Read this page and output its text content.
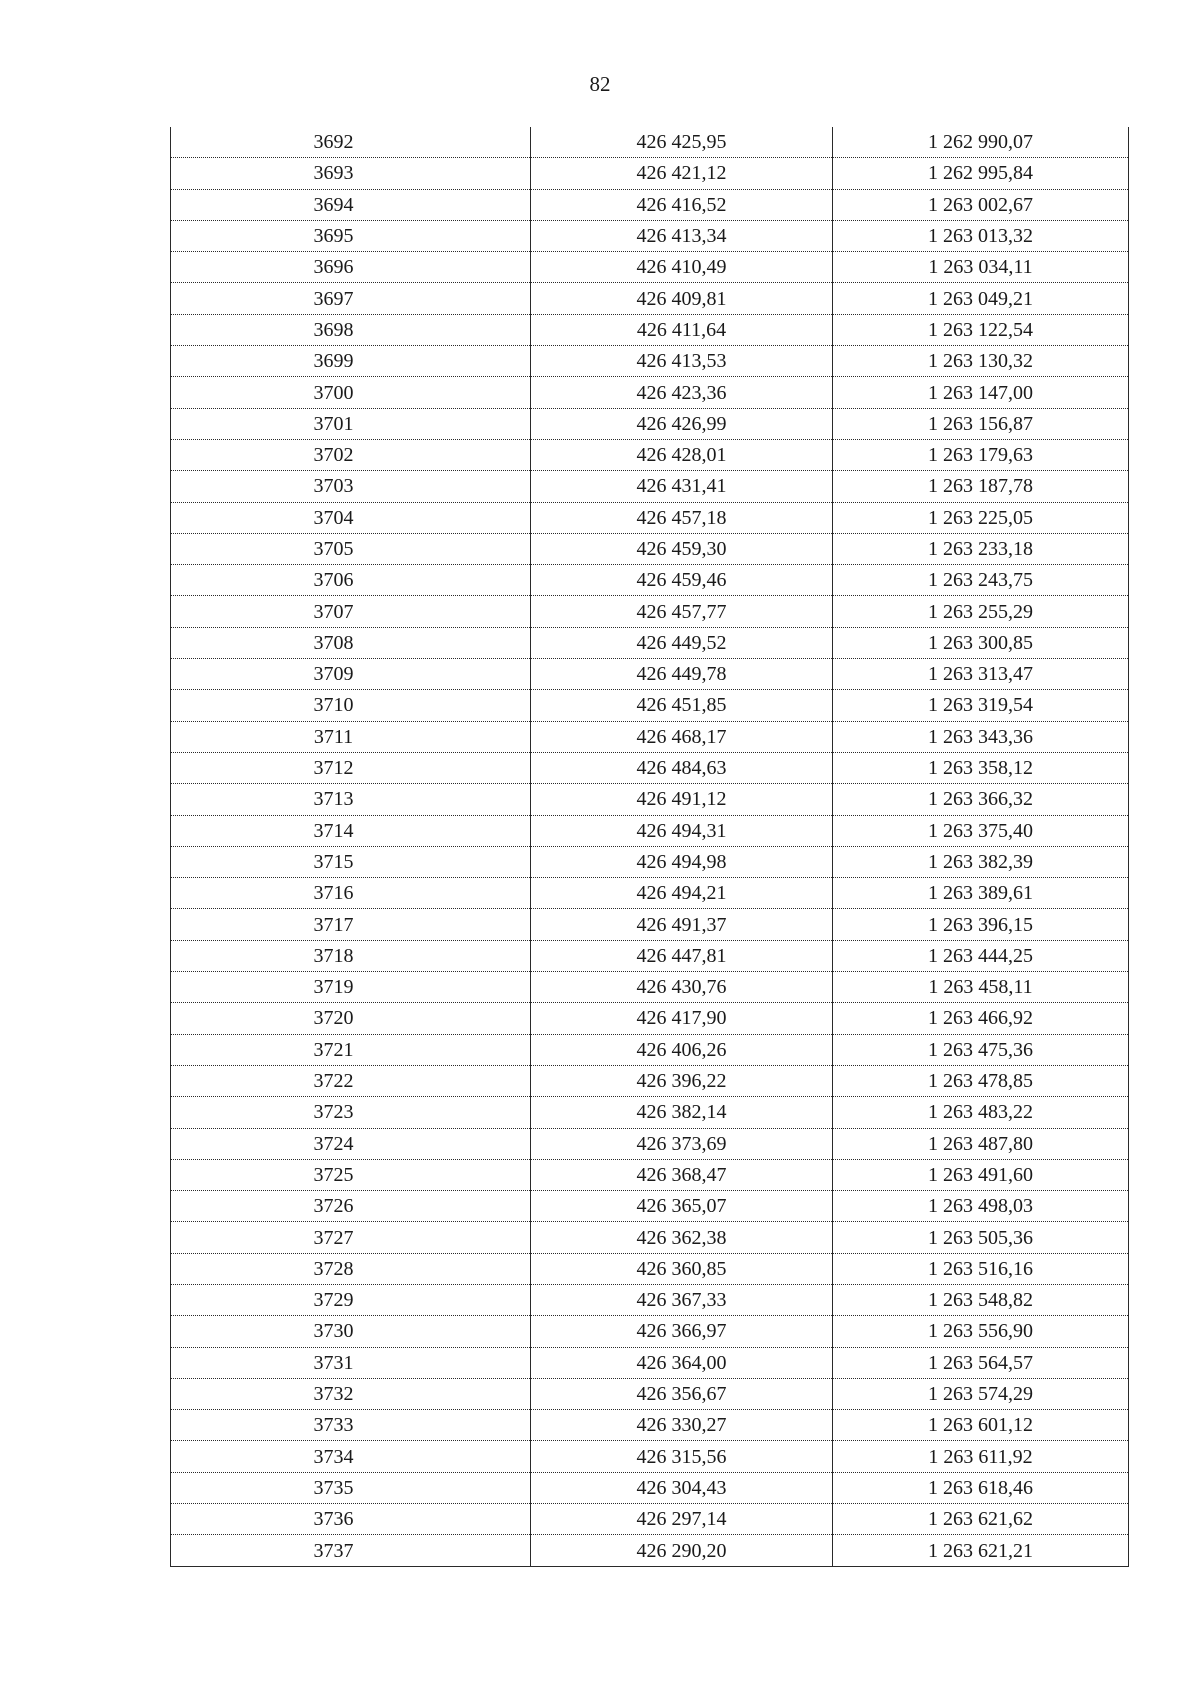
82
3692	426 425,95	1 262 990,07
3693	426 421,12	1 262 995,84
3694	426 416,52	1 263 002,67
3695	426 413,34	1 263 013,32
3696	426 410,49	1 263 034,11
3697	426 409,81	1 263 049,21
3698	426 411,64	1 263 122,54
3699	426 413,53	1 263 130,32
3700	426 423,36	1 263 147,00
3701	426 426,99	1 263 156,87
3702	426 428,01	1 263 179,63
3703	426 431,41	1 263 187,78
3704	426 457,18	1 263 225,05
3705	426 459,30	1 263 233,18
3706	426 459,46	1 263 243,75
3707	426 457,77	1 263 255,29
3708	426 449,52	1 263 300,85
3709	426 449,78	1 263 313,47
3710	426 451,85	1 263 319,54
3711	426 468,17	1 263 343,36
3712	426 484,63	1 263 358,12
3713	426 491,12	1 263 366,32
3714	426 494,31	1 263 375,40
3715	426 494,98	1 263 382,39
3716	426 494,21	1 263 389,61
3717	426 491,37	1 263 396,15
3718	426 447,81	1 263 444,25
3719	426 430,76	1 263 458,11
3720	426 417,90	1 263 466,92
3721	426 406,26	1 263 475,36
3722	426 396,22	1 263 478,85
3723	426 382,14	1 263 483,22
3724	426 373,69	1 263 487,80
3725	426 368,47	1 263 491,60
3726	426 365,07	1 263 498,03
3727	426 362,38	1 263 505,36
3728	426 360,85	1 263 516,16
3729	426 367,33	1 263 548,82
3730	426 366,97	1 263 556,90
3731	426 364,00	1 263 564,57
3732	426 356,67	1 263 574,29
3733	426 330,27	1 263 601,12
3734	426 315,56	1 263 611,92
3735	426 304,43	1 263 618,46
3736	426 297,14	1 263 621,62
3737	426 290,20	1 263 621,21
